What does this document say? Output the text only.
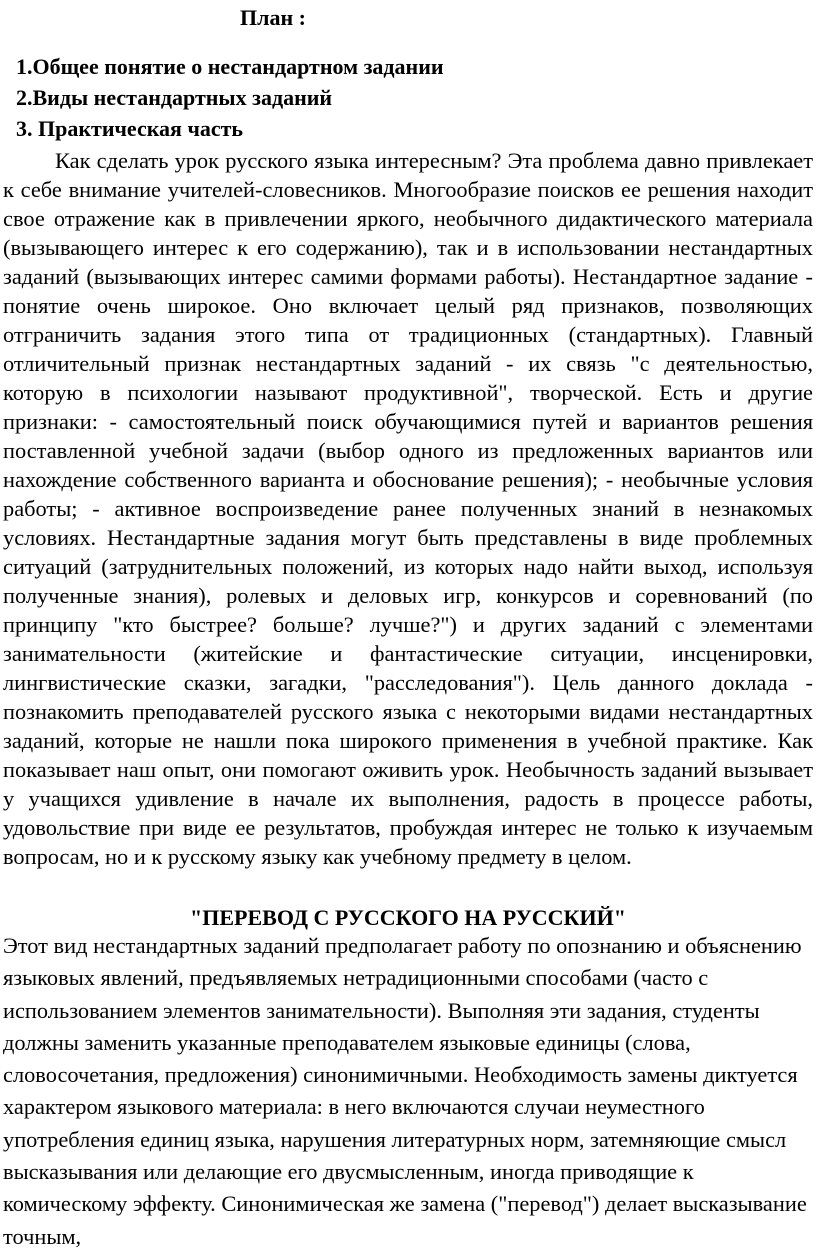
План :
1.Общее понятие о нестандартном задании
2.Виды нестандартных заданий
3. Практическая часть

Как сделать урок русского языка интересным? Эта проблема давно привлекает к себе внимание учителей-словесников. Многообразие поисков ее решения находит свое отражение как в привлечении яркого, необычного дидактического материала (вызывающего интерес к его содержанию), так и в использовании нестандартных заданий (вызывающих интерес самими формами работы). Нестандартное задание - понятие очень широкое. Оно включает целый ряд признаков, позволяющих отграничить задания этого типа от традиционных (стандартных). Главный отличительный признак нестандартных заданий - их связь "с деятельностью, которую в психологии называют продуктивной", творческой. Есть и другие признаки: - самостоятельный поиск обучающимися путей и вариантов решения поставленной учебной задачи (выбор одного из предложенных вариантов или нахождение собственного варианта и обоснование решения); - необычные условия работы; - активное воспроизведение ранее полученных знаний в незнакомых условиях. Нестандартные задания могут быть представлены в виде проблемных ситуаций (затруднительных положений, из которых надо найти выход, используя полученные знания), ролевых и деловых игр, конкурсов и соревнований (по принципу "кто быстрее? больше? лучше?") и других заданий с элементами занимательности (житейские и фантастические ситуации, инсценировки, лингвистические сказки, загадки, "расследования"). Цель данного доклада - познакомить преподавателей русского языка с некоторыми видами нестандартных заданий, которые не нашли пока широкого применения в учебной практике. Как показывает наш опыт, они помогают оживить урок. Необычность заданий вызывает у учащихся удивление в начале их выполнения, радость в процессе работы, удовольствие при виде ее результатов, пробуждая интерес не только к изучаемым вопросам, но и к русскому языку как учебному предмету в целом.

"ПЕРЕВОД С РУССКОГО НА РУССКИЙ"

Этот вид нестандартных заданий предполагает работу по опознанию и объяснению языковых явлений, предъявляемых нетрадиционными способами (часто с использованием элементов занимательности). Выполняя эти задания, студенты должны заменить указанные преподавателем языковые единицы (слова, словосочетания, предложения) синонимичными. Необходимость замены диктуется характером языкового материала: в него включаются случаи неуместного употребления единиц языка, нарушения литературных норм, затемняющие смысл высказывания или делающие его двусмысленным, иногда приводящие к комическому эффекту. Синонимическая же замена ("перевод") делает высказывание точным,
